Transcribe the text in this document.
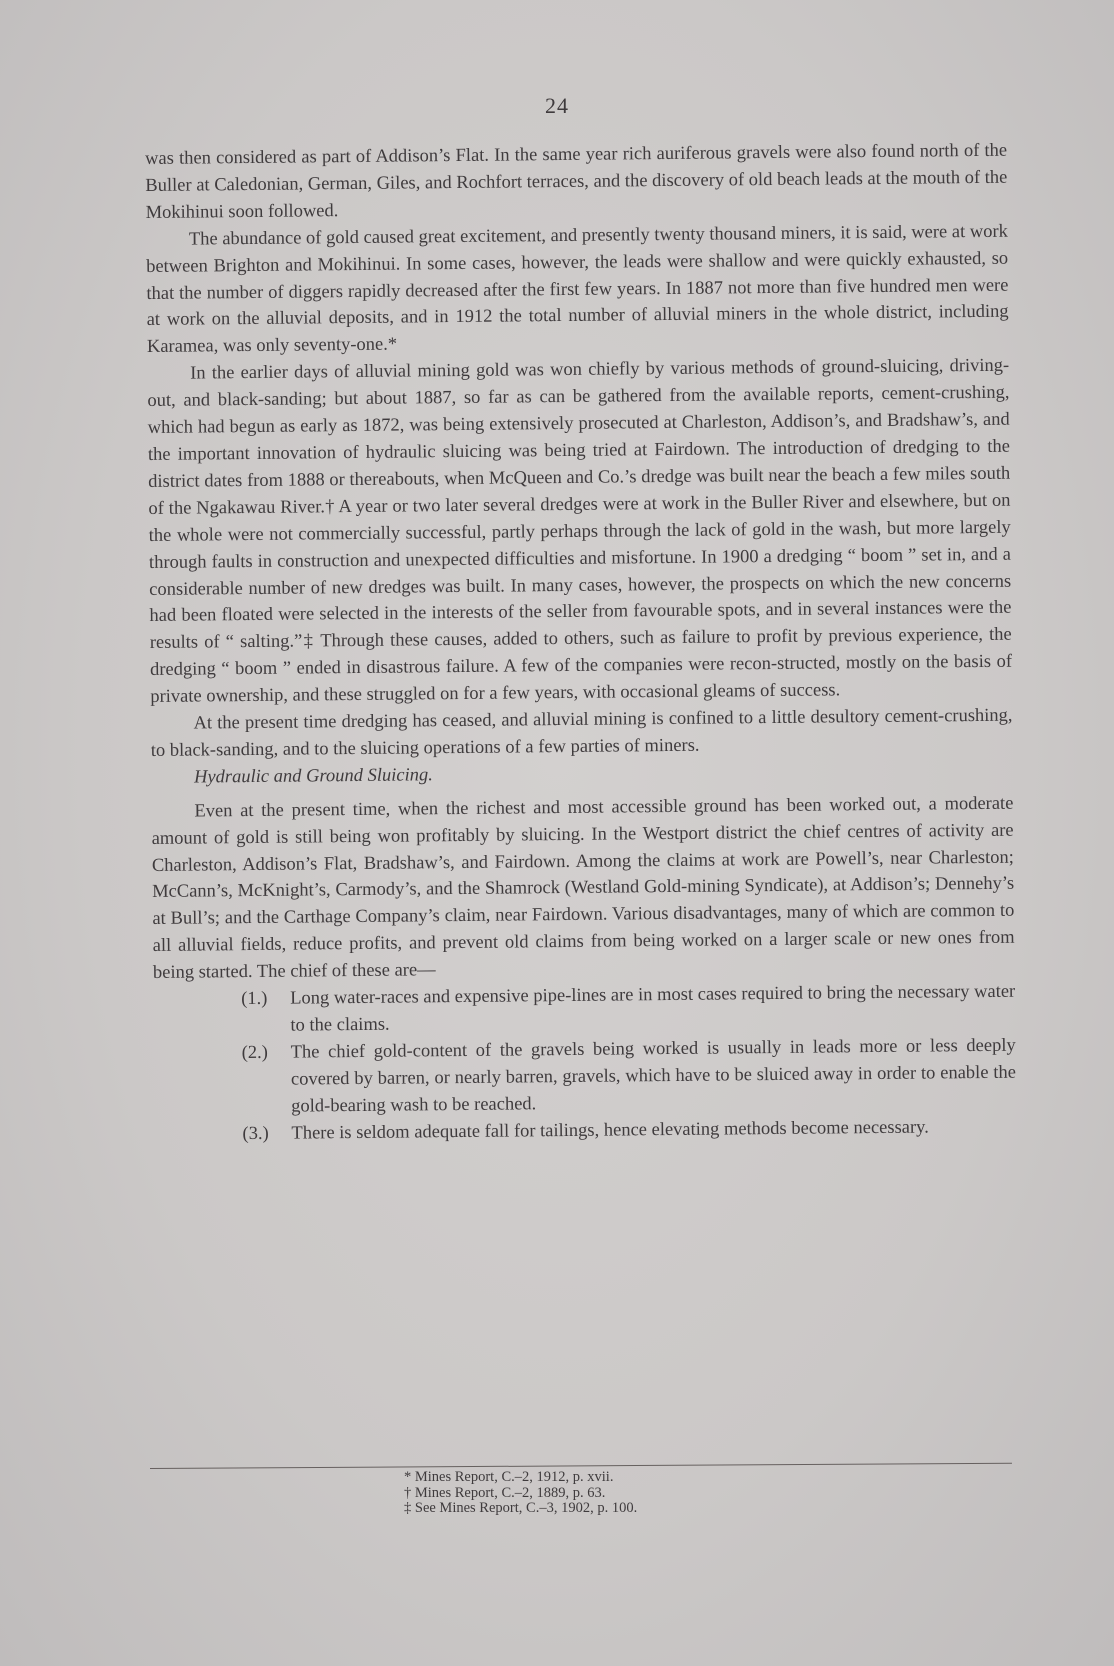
24

was then considered as part of Addison’s Flat. In the same year rich auriferous gravels were also found north of the Buller at Caledonian, German, Giles, and Rochfort terraces, and the discovery of old beach leads at the mouth of the Mokihinui soon followed.

The abundance of gold caused great excitement, and presently twenty thousand miners, it is said, were at work between Brighton and Mokihinui. In some cases, however, the leads were shallow and were quickly exhausted, so that the number of diggers rapidly decreased after the first few years. In 1887 not more than five hundred men were at work on the alluvial deposits, and in 1912 the total number of alluvial miners in the whole district, including Karamea, was only seventy-one.*

In the earlier days of alluvial mining gold was won chiefly by various methods of ground-sluicing, driving-out, and black-sanding; but about 1887, so far as can be gathered from the available reports, cement-crushing, which had begun as early as 1872, was being extensively prosecuted at Charleston, Addison’s, and Bradshaw’s, and the important innovation of hydraulic sluicing was being tried at Fairdown. The introduction of dredging to the district dates from 1888 or thereabouts, when McQueen and Co.’s dredge was built near the beach a few miles south of the Ngakawau River.† A year or two later several dredges were at work in the Buller River and elsewhere, but on the whole were not commercially successful, partly perhaps through the lack of gold in the wash, but more largely through faults in construction and unexpected difficulties and misfortune. In 1900 a dredging “ boom ” set in, and a considerable number of new dredges was built. In many cases, however, the prospects on which the new concerns had been floated were selected in the interests of the seller from favourable spots, and in several instances were the results of “ salting.”‡ Through these causes, added to others, such as failure to profit by previous experience, the dredging “ boom ” ended in disastrous failure. A few of the companies were recon-structed, mostly on the basis of private ownership, and these struggled on for a few years, with occasional gleams of success.

At the present time dredging has ceased, and alluvial mining is confined to a little desultory cement-crushing, to black-sanding, and to the sluicing operations of a few parties of miners.

Hydraulic and Ground Sluicing.

Even at the present time, when the richest and most accessible ground has been worked out, a moderate amount of gold is still being won profitably by sluicing. In the Westport district the chief centres of activity are Charleston, Addison’s Flat, Bradshaw’s, and Fairdown. Among the claims at work are Powell’s, near Charleston; McCann’s, McKnight’s, Carmody’s, and the Shamrock (Westland Gold-mining Syndicate), at Addison’s; Dennehy’s at Bull’s; and the Carthage Company’s claim, near Fairdown. Various disadvantages, many of which are common to all alluvial fields, reduce profits, and prevent old claims from being worked on a larger scale or new ones from being started. The chief of these are—

(1.) Long water-races and expensive pipe-lines are in most cases required to bring the necessary water to the claims.
(2.) The chief gold-content of the gravels being worked is usually in leads more or less deeply covered by barren, or nearly barren, gravels, which have to be sluiced away in order to enable the gold-bearing wash to be reached.
(3.) There is seldom adequate fall for tailings, hence elevating methods become necessary.
* Mines Report, C.–2, 1912, p. xvii.
† Mines Report, C.–2, 1889, p. 63.
‡ See Mines Report, C.–3, 1902, p. 100.
